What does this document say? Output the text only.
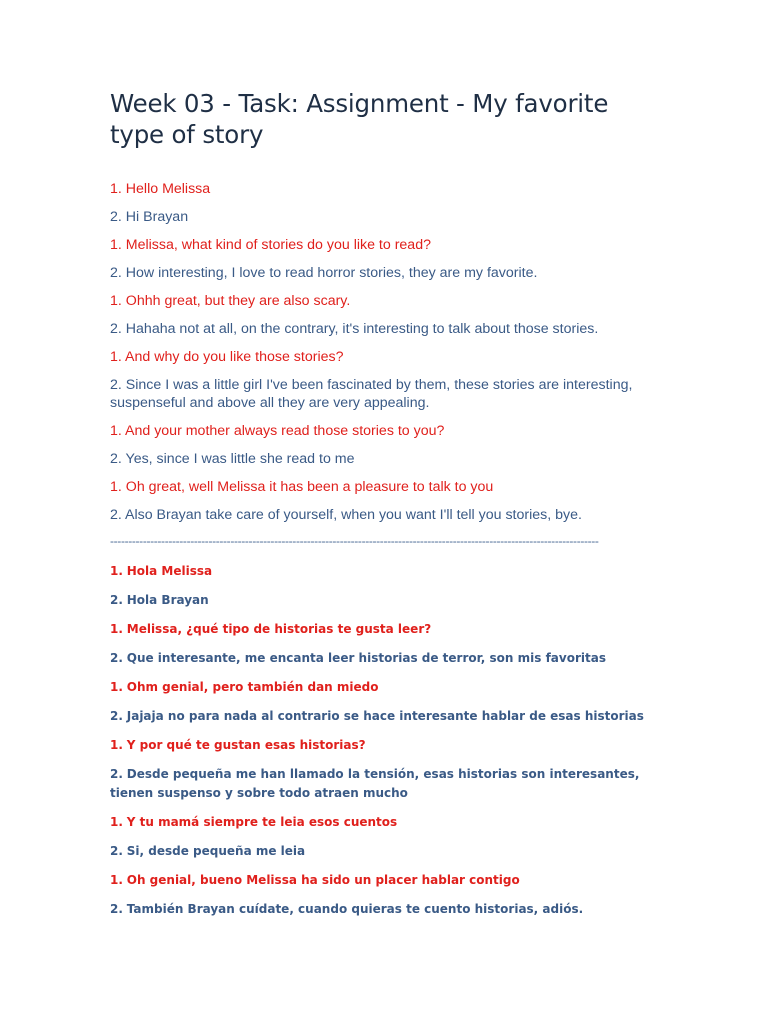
Week 03 - Task: Assignment - My favorite type of story
1. Hello Melissa
2. Hi Brayan
1. Melissa, what kind of stories do you like to read?
2. How interesting, I love to read horror stories, they are my favorite.
1. Ohhh great, but they are also scary.
2. Hahaha not at all, on the contrary, it's interesting to talk about those stories.
1. And why do you like those stories?
2. Since I was a little girl I've been fascinated by them, these stories are interesting, suspenseful and above all they are very appealing.
1. And your mother always read those stories to you?
2. Yes, since I was little she read to me
1. Oh great, well Melissa it has been a pleasure to talk to you
2. Also Brayan take care of yourself, when you want I'll tell you stories, bye.
--------------------------------------------------------------------------------------------------------------------------------------
1. Hola Melissa
2. Hola Brayan
1. Melissa, ¿qué tipo de historias te gusta leer?
2. Que interesante, me encanta leer historias de terror, son mis favoritas
1. Ohm genial, pero también dan miedo
2. Jajaja no para nada al contrario se hace interesante hablar de esas historias
1. Y por qué te gustan esas historias?
2. Desde pequeña me han llamado la tensión, esas historias son interesantes, tienen suspenso y sobre todo atraen mucho
1. Y tu mamá siempre te leia esos cuentos
2. Si, desde pequeña me leia
1. Oh genial, bueno Melissa ha sido un placer hablar contigo
2. También Brayan cuídate, cuando quieras te cuento historias, adiós.
